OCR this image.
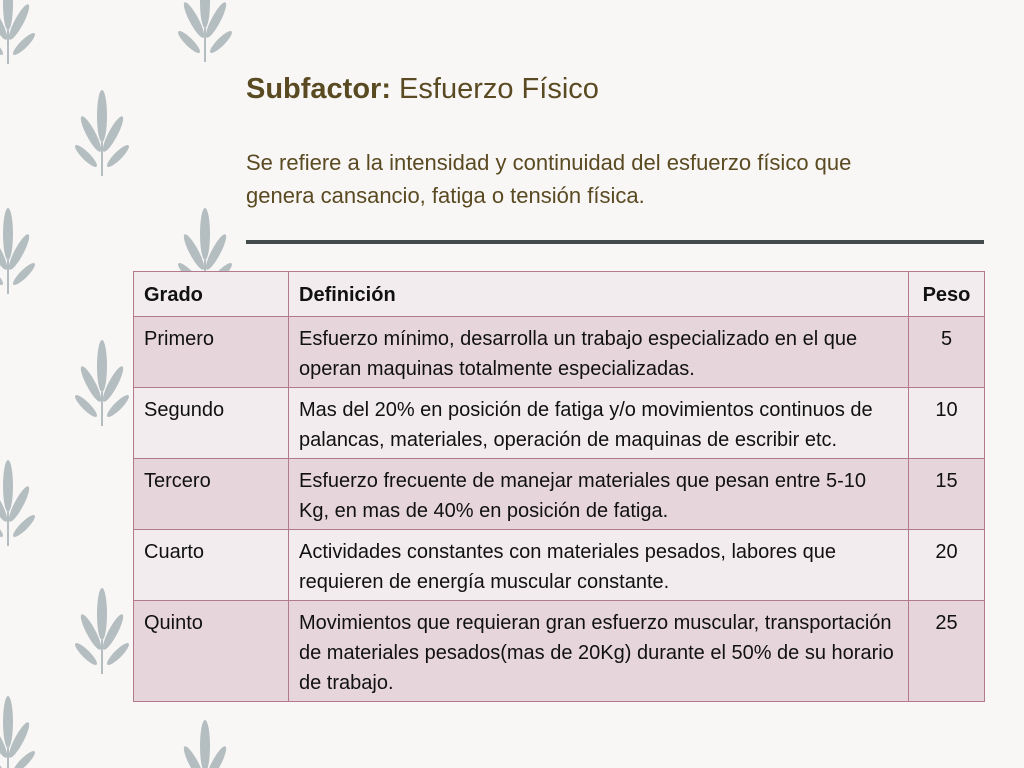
Subfactor: Esfuerzo Físico
Se refiere a la intensidad y continuidad del esfuerzo físico que
genera cansancio, fatiga o tensión física.
Grado	Definición	Peso
Primero	Esfuerzo mínimo, desarrolla un trabajo especializado en el que operan maquinas totalmente especializadas.	5
Segundo	Mas del 20% en posición de fatiga y/o movimientos continuos de palancas, materiales, operación de maquinas de escribir etc.	10
Tercero	Esfuerzo frecuente de manejar materiales que pesan entre 5-10 Kg, en mas de 40% en posición de fatiga.	15
Cuarto	Actividades constantes con materiales pesados, labores que requieren de energía muscular constante.	20
Quinto	Movimientos que requieran gran esfuerzo muscular, transportación de materiales pesados(mas de 20Kg) durante el 50% de su horario de trabajo.	25
